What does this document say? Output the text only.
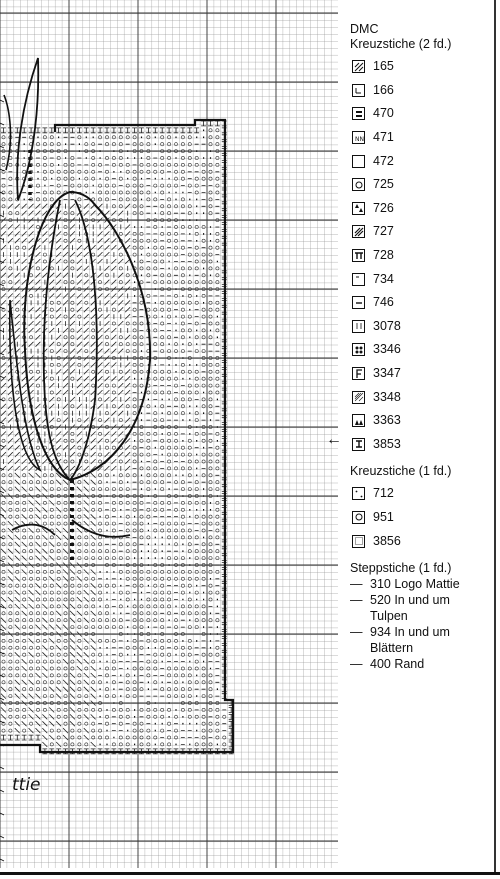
ttie
←
DMC
Kreuzstiche (2 fd.)
165
166
470
NN 471
472
725
726
727
728
734
746
3078
3346
3347
3348
3363
3853
Kreuzstiche (1 fd.)
712
951
3856
Steppstiche (1 fd.)
— 310 Logo Mattie
— 520 In und um
Tulpen
— 934 In und um
Blättern
— 400 Rand
